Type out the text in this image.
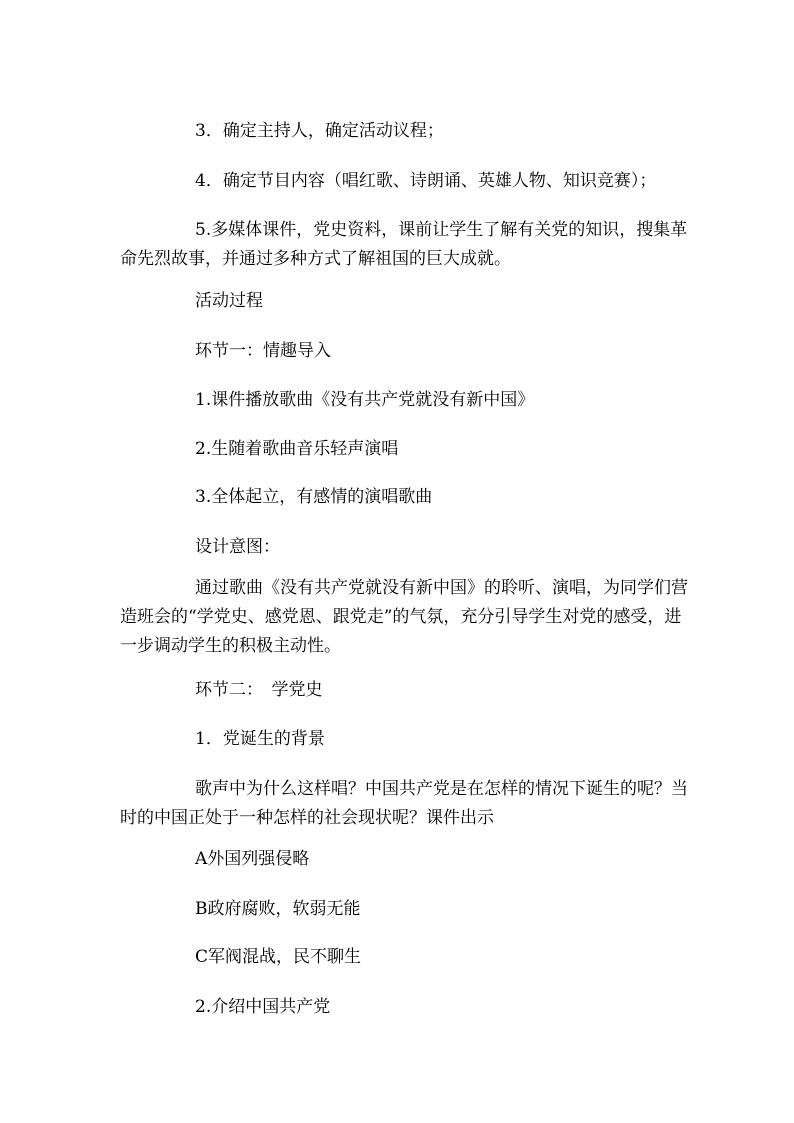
3．确定主持人，确定活动议程；

4．确定节目内容（唱红歌、诗朗诵、英雄人物、知识竞赛）；

5.多媒体课件，党史资料，课前让学生了解有关党的知识，搜集革命先烈故事，并通过多种方式了解祖国的巨大成就。

活动过程

环节一：情趣导入

1.课件播放歌曲《没有共产党就没有新中国》

2.生随着歌曲音乐轻声演唱

3.全体起立，有感情的演唱歌曲

设计意图：

通过歌曲《没有共产党就没有新中国》的聆听、演唱，为同学们营造班会的“学党史、感党恩、跟党走”的气氛，充分引导学生对党的感受，进一步调动学生的积极主动性。

环节二：　学党史

1．党诞生的背景

歌声中为什么这样唱？中国共产党是在怎样的情况下诞生的呢？当时的中国正处于一种怎样的社会现状呢？课件出示

A外国列强侵略

B政府腐败，软弱无能

C军阀混战，民不聊生

2.介绍中国共产党
